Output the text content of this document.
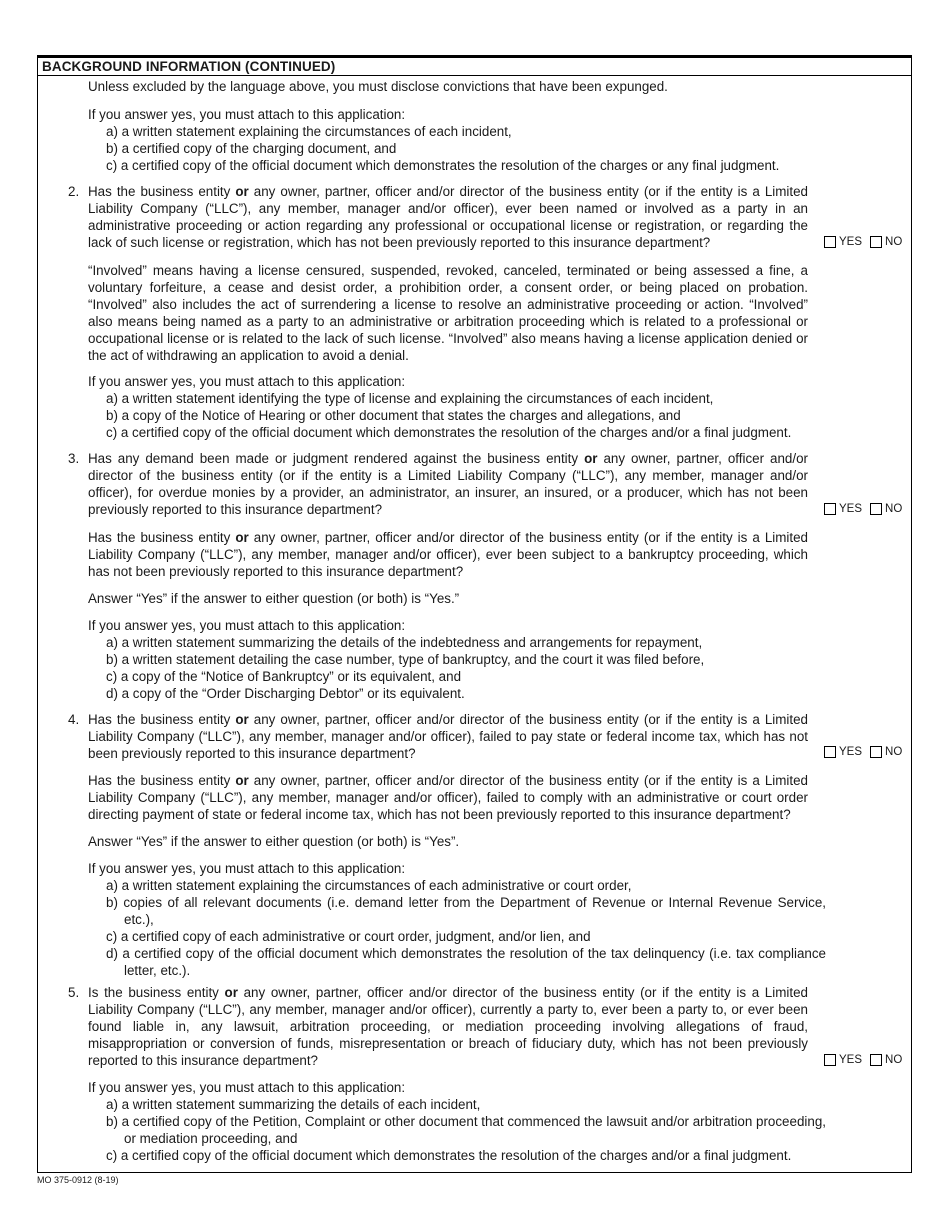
BACKGROUND INFORMATION (CONTINUED)

Unless excluded by the language above, you must disclose convictions that have been expunged.

If you answer yes, you must attach to this application:

a) a written statement explaining the circumstances of each incident,

b) a certified copy of the charging document, and

c) a certified copy of the official document which demonstrates the resolution of the charges or any final judgment.

2. Has the business entity or any owner, partner, officer and/or director of the business entity (or if the entity is a Limited Liability Company (“LLC”), any member, manager and/or officer), ever been named or involved as a party in an administrative proceeding or action regarding any professional or occupational license or registration, or regarding the lack of such license or registration, which has not been previously reported to this insurance department?	YES NO

“Involved” means having a license censured, suspended, revoked, canceled, terminated or being assessed a fine, a voluntary forfeiture, a cease and desist order, a prohibition order, a consent order, or being placed on probation. “Involved” also includes the act of surrendering a license to resolve an administrative proceeding or action. “Involved” also means being named as a party to an administrative or arbitration proceeding which is related to a professional or occupational license or is related to the lack of such license. “Involved” also means having a license application denied or the act of withdrawing an application to avoid a denial.

If you answer yes, you must attach to this application:

a) a written statement identifying the type of license and explaining the circumstances of each incident,

b) a copy of the Notice of Hearing or other document that states the charges and allegations, and

c) a certified copy of the official document which demonstrates the resolution of the charges and/or a final judgment.

3. Has any demand been made or judgment rendered against the business entity or any owner, partner, officer and/or director of the business entity (or if the entity is a Limited Liability Company (“LLC”), any member, manager and/or officer), for overdue monies by a provider, an administrator, an insurer, an insured, or a producer, which has not been previously reported to this insurance department?	YES NO

Has the business entity or any owner, partner, officer and/or director of the business entity (or if the entity is a Limited Liability Company (“LLC”), any member, manager and/or officer), ever been subject to a bankruptcy proceeding, which has not been previously reported to this insurance department?

Answer “Yes” if the answer to either question (or both) is “Yes.”

If you answer yes, you must attach to this application:

a) a written statement summarizing the details of the indebtedness and arrangements for repayment,

b) a written statement detailing the case number, type of bankruptcy, and the court it was filed before,

c) a copy of the “Notice of Bankruptcy” or its equivalent, and

d) a copy of the “Order Discharging Debtor” or its equivalent.

4. Has the business entity or any owner, partner, officer and/or director of the business entity (or if the entity is a Limited Liability Company (“LLC”), any member, manager and/or officer), failed to pay state or federal income tax, which has not been previously reported to this insurance department?	YES NO

Has the business entity or any owner, partner, officer and/or director of the business entity (or if the entity is a Limited Liability Company (“LLC”), any member, manager and/or officer), failed to comply with an administrative or court order directing payment of state or federal income tax, which has not been previously reported to this insurance department?

Answer “Yes” if the answer to either question (or both) is “Yes”.

If you answer yes, you must attach to this application:

a) a written statement explaining the circumstances of each administrative or court order,

b) copies of all relevant documents (i.e. demand letter from the Department of Revenue or Internal Revenue Service, etc.),

c) a certified copy of each administrative or court order, judgment, and/or lien, and

d) a certified copy of the official document which demonstrates the resolution of the tax delinquency (i.e. tax compliance letter, etc.).

5. Is the business entity or any owner, partner, officer and/or director of the business entity (or if the entity is a Limited Liability Company (“LLC”), any member, manager and/or officer), currently a party to, ever been a party to, or ever been found liable in, any lawsuit, arbitration proceeding, or mediation proceeding involving allegations of fraud, misappropriation or conversion of funds, misrepresentation or breach of fiduciary duty, which has not been previously reported to this insurance department?	YES NO

If you answer yes, you must attach to this application:

a) a written statement summarizing the details of each incident,

b) a certified copy of the Petition, Complaint or other document that commenced the lawsuit and/or arbitration proceeding, or mediation proceeding, and

c) a certified copy of the official document which demonstrates the resolution of the charges and/or a final judgment.

MO 375-0912 (8-19)
